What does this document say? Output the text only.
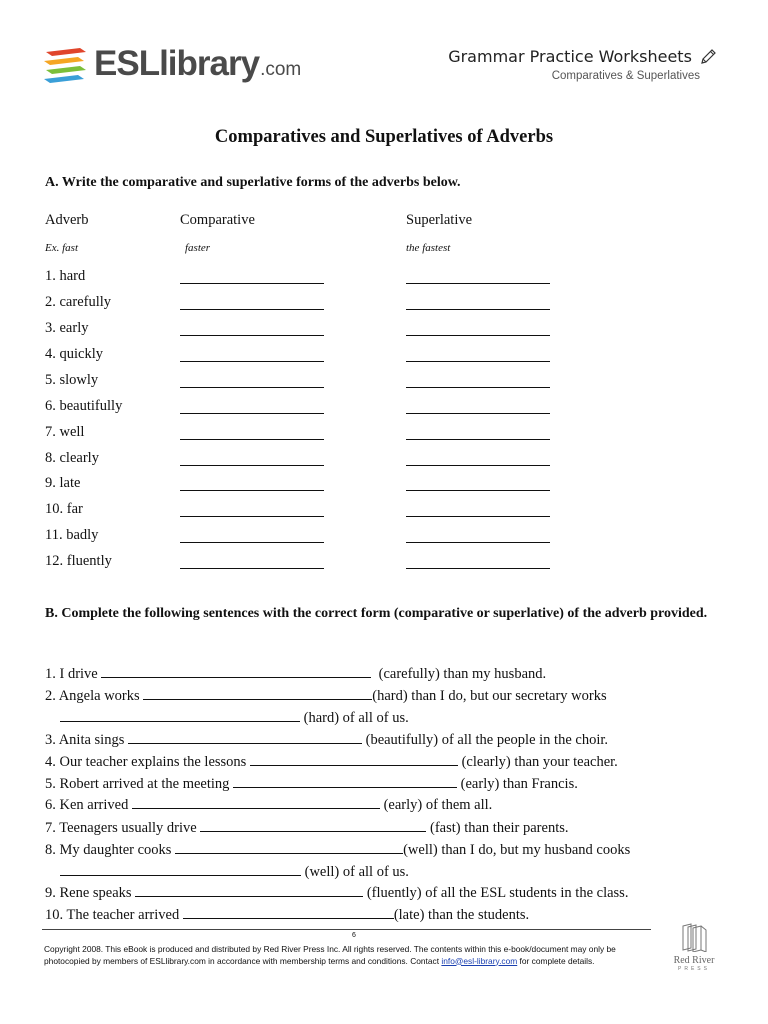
ESLlibrary.com
Grammar Practice Worksheets
Comparatives & Superlatives
Comparatives and Superlatives of Adverbs
A. Write the comparative and superlative forms of the adverbs below.
Adverb	Comparative	Superlative
Ex. fast	faster	the fastest
1. hard
2. carefully
3. early
4. quickly
5. slowly
6. beautifully
7. well
8. clearly
9. late
10. far
11. badly
12. fluently
B. Complete the following sentences with the correct form (comparative or superlative) of the adverb provided.
1. I drive	(carefully) than my husband.
2. Angela works	(hard) than I do, but our secretary works
(hard) of all of us.
3. Anita sings	(beautifully) of all the people in the choir.
4. Our teacher explains the lessons	(clearly) than your teacher.
5. Robert arrived at the meeting	(early) than Francis.
6. Ken arrived	(early) of them all.
7. Teenagers usually drive	(fast) than their parents.
8. My daughter cooks	(well) than I do, but my husband cooks
(well) of all of us.
9. Rene speaks	(fluently) of all the ESL students in the class.
10. The teacher arrived	(late) than the students.
6
Copyright 2008. This eBook is produced and distributed by Red River Press Inc. All rights reserved. The contents within this e-book/document may only be photocopied by members of ESLlibrary.com in accordance with membership terms and conditions. Contact info@esl-library.com for complete details.	Red River
PRESS
